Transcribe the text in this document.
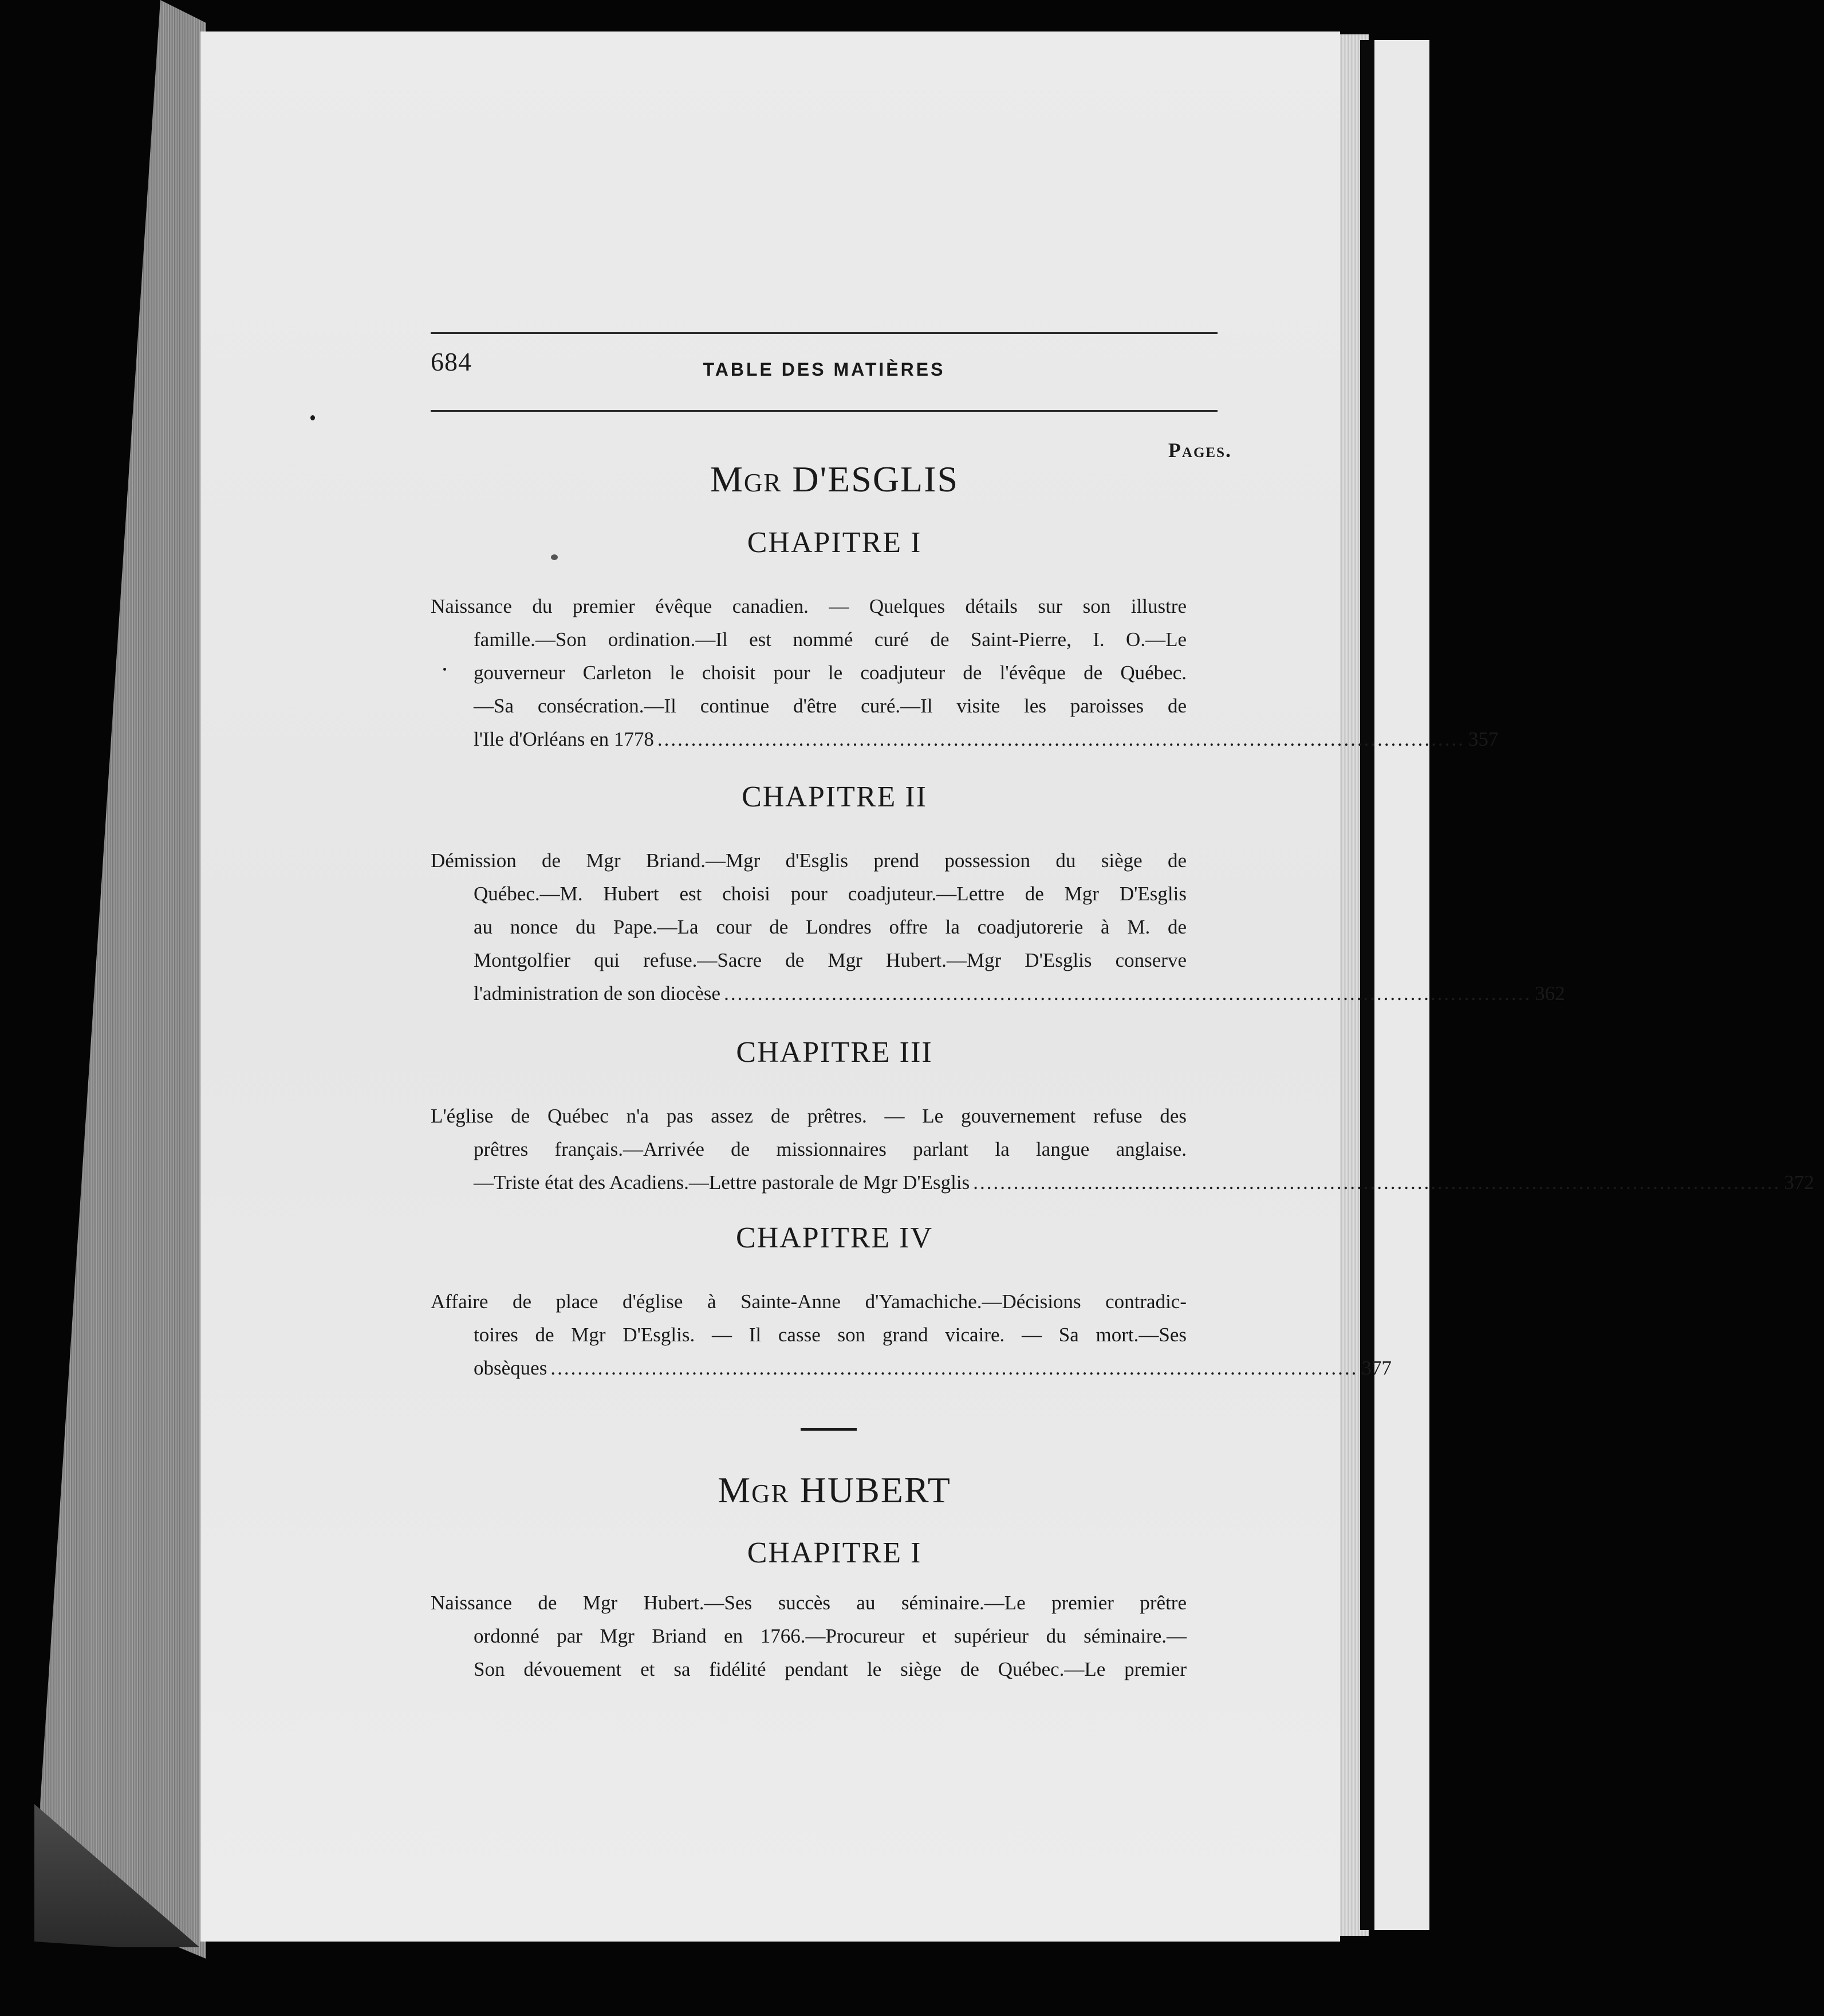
684	TABLE DES MATIÈRES
Pages.
Mgr D'ESGLIS
CHAPITRE I
Naissance du premier évêque canadien. — Quelques détails sur son illustre
famille.—Son ordination.—Il est nommé curé de Saint-Pierre, I. O.—Le
gouverneur Carleton le choisit pour le coadjuteur de l'évêque de Québec.
—Sa consécration.—Il continue d'être curé.—Il visite les paroisses de
l'Ile d'Orléans en 1778 ........................................................................................................................ 357
CHAPITRE II
Démission de Mgr Briand.—Mgr d'Esglis prend possession du siège de
Québec.—M. Hubert est choisi pour coadjuteur.—Lettre de Mgr D'Esglis
au nonce du Pape.—La cour de Londres offre la coadjutorerie à M. de
Montgolfier qui refuse.—Sacre de Mgr Hubert.—Mgr D'Esglis conserve
l'administration de son diocèse ........................................................................................................................ 362
CHAPITRE III
L'église de Québec n'a pas assez de prêtres. — Le gouvernement refuse des
prêtres français.—Arrivée de missionnaires parlant la langue anglaise.
—Triste état des Acadiens.—Lettre pastorale de Mgr D'Esglis ........................................................................................................................ 372
CHAPITRE IV
Affaire de place d'église à Sainte-Anne d'Yamachiche.—Décisions contradic-
toires de Mgr D'Esglis. — Il casse son grand vicaire. — Sa mort.—Ses
obsèques ........................................................................................................................ 377
Mgr HUBERT
CHAPITRE I
Naissance de Mgr Hubert.—Ses succès au séminaire.—Le premier prêtre
ordonné par Mgr Briand en 1766.—Procureur et supérieur du séminaire.—
Son dévouement et sa fidélité pendant le siège de Québec.—Le premier
